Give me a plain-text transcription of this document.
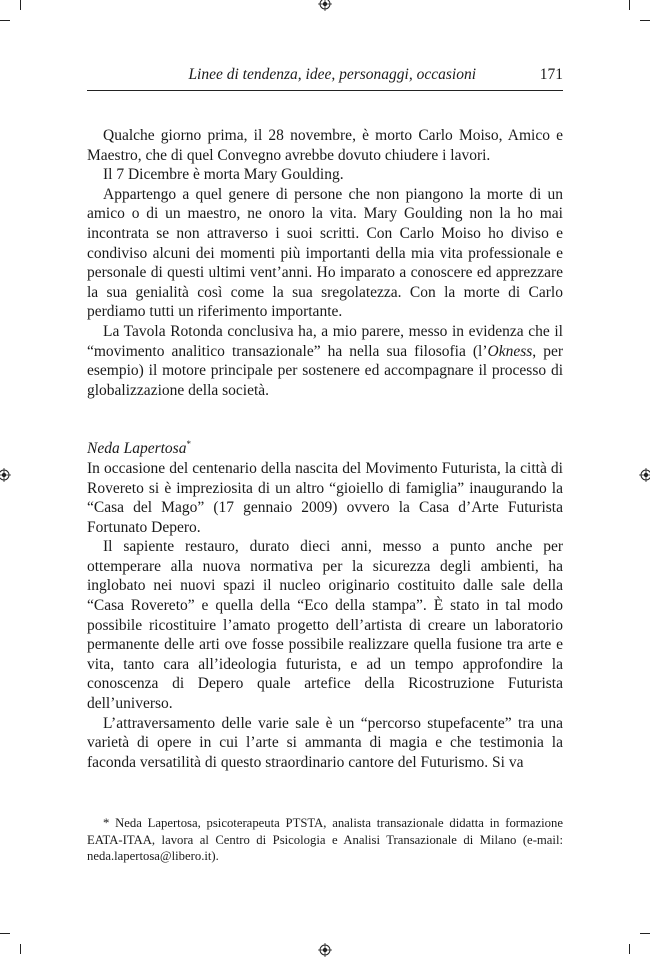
Linee di tendenza, idee, personaggi, occasioni	171

Qualche giorno prima, il 28 novembre, è morto Carlo Moiso, Amico e Maestro, che di quel Convegno avrebbe dovuto chiudere i lavori.

Il 7 Dicembre è morta Mary Goulding.

Appartengo a quel genere di persone che non piangono la morte di un amico o di un maestro, ne onoro la vita. Mary Goulding non la ho mai incontrata se non attraverso i suoi scritti. Con Carlo Moiso ho diviso e condiviso alcuni dei momenti più importanti della mia vita professionale e personale di questi ultimi vent’anni. Ho imparato a conoscere ed apprezzare la sua genialità così come la sua sregolatezza. Con la morte di Carlo perdiamo tutti un riferimento importante.

La Tavola Rotonda conclusiva ha, a mio parere, messo in evidenza che il “movimento analitico transazionale” ha nella sua filosofia (l’Okness, per esempio) il motore principale per sostenere ed accompagnare il processo di globalizzazione della società.

Neda Lapertosa*

In occasione del centenario della nascita del Movimento Futurista, la città di Rovereto si è impreziosita di un altro “gioiello di famiglia” inaugurando la “Casa del Mago” (17 gennaio 2009) ovvero la Casa d’Arte Futurista Fortunato Depero.

Il sapiente restauro, durato dieci anni, messo a punto anche per ottemperare alla nuova normativa per la sicurezza degli ambienti, ha inglobato nei nuovi spazi il nucleo originario costituito dalle sale della “Casa Rovereto” e quella della “Eco della stampa”. È stato in tal modo possibile ricostituire l’amato progetto dell’artista di creare un laboratorio permanente delle arti ove fosse possibile realizzare quella fusione tra arte e vita, tanto cara all’ideologia futurista, e ad un tempo approfondire la conoscenza di Depero quale artefice della Ricostruzione Futurista dell’universo.

L’attraversamento delle varie sale è un “percorso stupefacente” tra una varietà di opere in cui l’arte si ammanta di magia e che testimonia la faconda versatilità di questo straordinario cantore del Futurismo. Si va

* Neda Lapertosa, psicoterapeuta PTSTA, analista transazionale didatta in formazione EATA-ITAA, lavora al Centro di Psicologia e Analisi Transazionale di Milano (e-mail: neda.lapertosa@libero.it).
